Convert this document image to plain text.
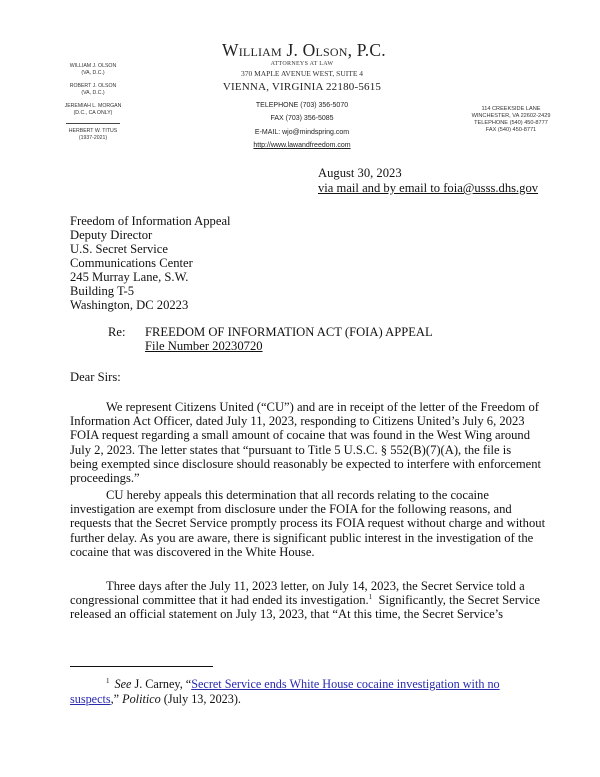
WILLIAM J. OLSON
(VA, D.C.)
ROBERT J. OLSON
(VA, D.C.)
JEREMIAH L. MORGAN
(D.C., CA ONLY)
HERBERT W. TITUS
(1937-2021)
William J. Olson, P.C.
ATTORNEYS AT LAW
370 MAPLE AVENUE WEST, SUITE 4
VIENNA, VIRGINIA 22180-5615
TELEPHONE (703) 356-5070
FAX (703) 356-5085
E-MAIL: wjo@mindspring.com
http://www.lawandfreedom.com
114 CREEKSIDE LANE
WINCHESTER, VA 22602-2429
TELEPHONE (540) 450-8777
FAX (540) 450-8771
August 30, 2023
via mail and by email to foia@usss.dhs.gov
Freedom of Information Appeal
Deputy Director
U.S. Secret Service
Communications Center
245 Murray Lane, S.W.
Building T-5
Washington, DC 20223
Re: FREEDOM OF INFORMATION ACT (FOIA) APPEAL
File Number 20230720
Dear Sirs:
We represent Citizens United (“CU”) and are in receipt of the letter of the Freedom of
Information Act Officer, dated July 11, 2023, responding to Citizens United’s July 6, 2023
FOIA request regarding a small amount of cocaine that was found in the West Wing around
July 2, 2023. The letter states that “pursuant to Title 5 U.S.C. § 552(B)(7)(A), the file is
being exempted since disclosure should reasonably be expected to interfere with enforcement
proceedings.”
CU hereby appeals this determination that all records relating to the cocaine
investigation are exempt from disclosure under the FOIA for the following reasons, and
requests that the Secret Service promptly process its FOIA request without charge and without
further delay. As you are aware, there is significant public interest in the investigation of the
cocaine that was discovered in the White House.
Three days after the July 11, 2023 letter, on July 14, 2023, the Secret Service told a
congressional committee that it had ended its investigation.$^1$  Significantly, the Secret Service
released an official statement on July 13, 2023, that “At this time, the Secret Service’s
$^1$ See J. Carney, “Secret Service ends White House cocaine investigation with no
suspects,” Politico (July 13, 2023).
